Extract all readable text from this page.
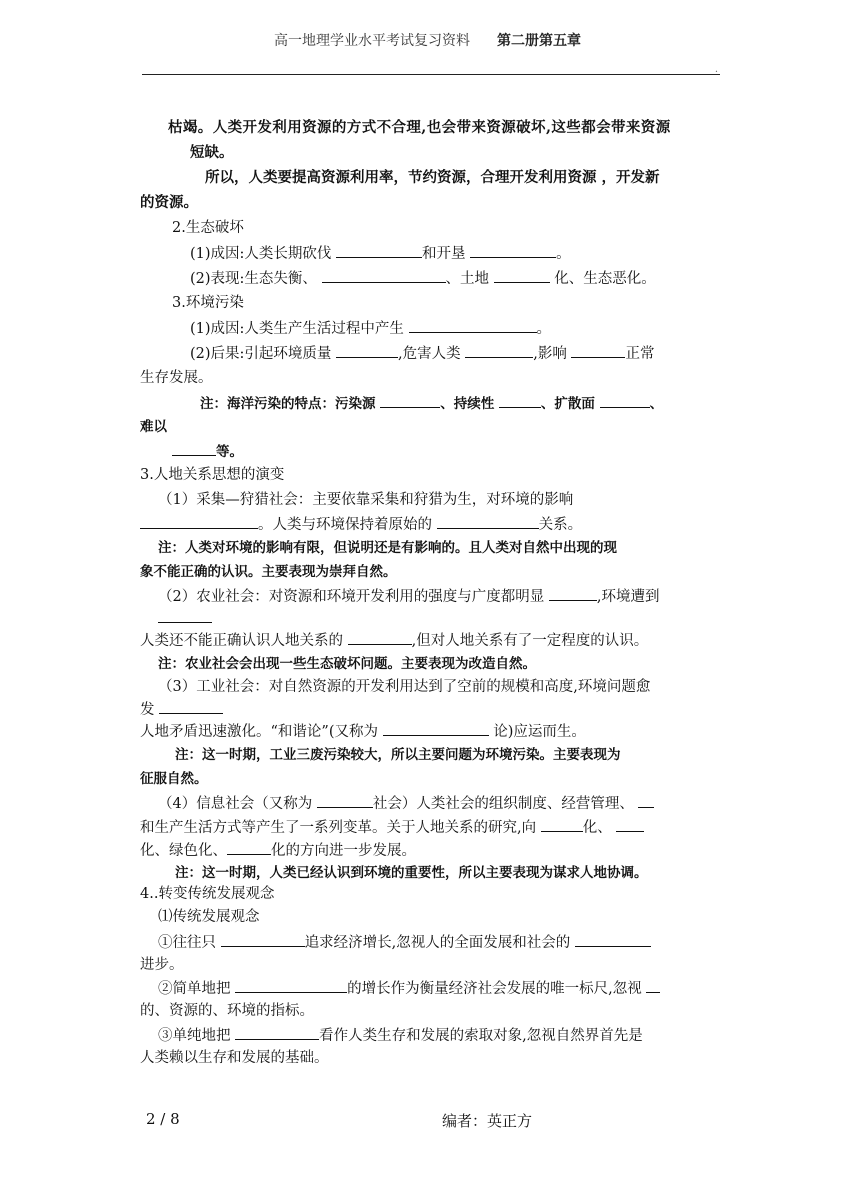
高一地理学业水平考试复习资料 第二册第五章
.
枯竭。人类开发利用资源的方式不合理,也会带来资源破坏,这些都会带来资源
短缺。
所以，人类要提高资源利用率，节约资源，合理开发利用资源 ，开发新
的资源。
2.生态破坏
(1)成因:人类长期砍伐	和开垦	。
(2)表现:生态失衡、	、土地	化、生态恶化。
3.环境污染
(1)成因:人类生产生活过程中产生	。
(2)后果:引起环境质量	,危害人类	,影响	正常
生存发展。
注：海洋污染的特点：污染源	、持续性	、扩散面	、
难以
等。
3.人地关系思想的演变
（1）采集—狩猎社会：主要依靠采集和狩猎为生，对环境的影响
。人类与环境保持着原始的	关系。
注：人类对环境的影响有限，但说明还是有影响的。且人类对自然中出现的现
象不能正确的认识。主要表现为崇拜自然。
（2）农业社会：对资源和环境开发利用的强度与广度都明显	,环境遭到
人类还不能正确认识人地关系的	,但对人地关系有了一定程度的认识。
注：农业社会会出现一些生态破坏问题。主要表现为改造自然。
（3）工业社会：对自然资源的开发利用达到了空前的规模和高度,环境问题愈
发
人地矛盾迅速激化。“和谐论”(又称为	论)应运而生。
注：这一时期，工业三废污染较大，所以主要问题为环境污染。主要表现为
征服自然。
（4）信息社会（又称为	社会）人类社会的组织制度、经营管理、
和生产生活方式等产生了一系列变革。关于人地关系的研究,向	化、
化、绿色化、	化的方向进一步发展。
注：这一时期，人类已经认识到环境的重要性，所以主要表现为谋求人地协调。
4..转变传统发展观念
⑴传统发展观念
①往往只	追求经济增长,忽视人的全面发展和社会的
进步。
②简单地把	的增长作为衡量经济社会发展的唯一标尺,忽视
的、资源的、环境的指标。
③单纯地把	看作人类生存和发展的索取对象,忽视自然界首先是
人类赖以生存和发展的基础。
2 / 8	编者：英正方
